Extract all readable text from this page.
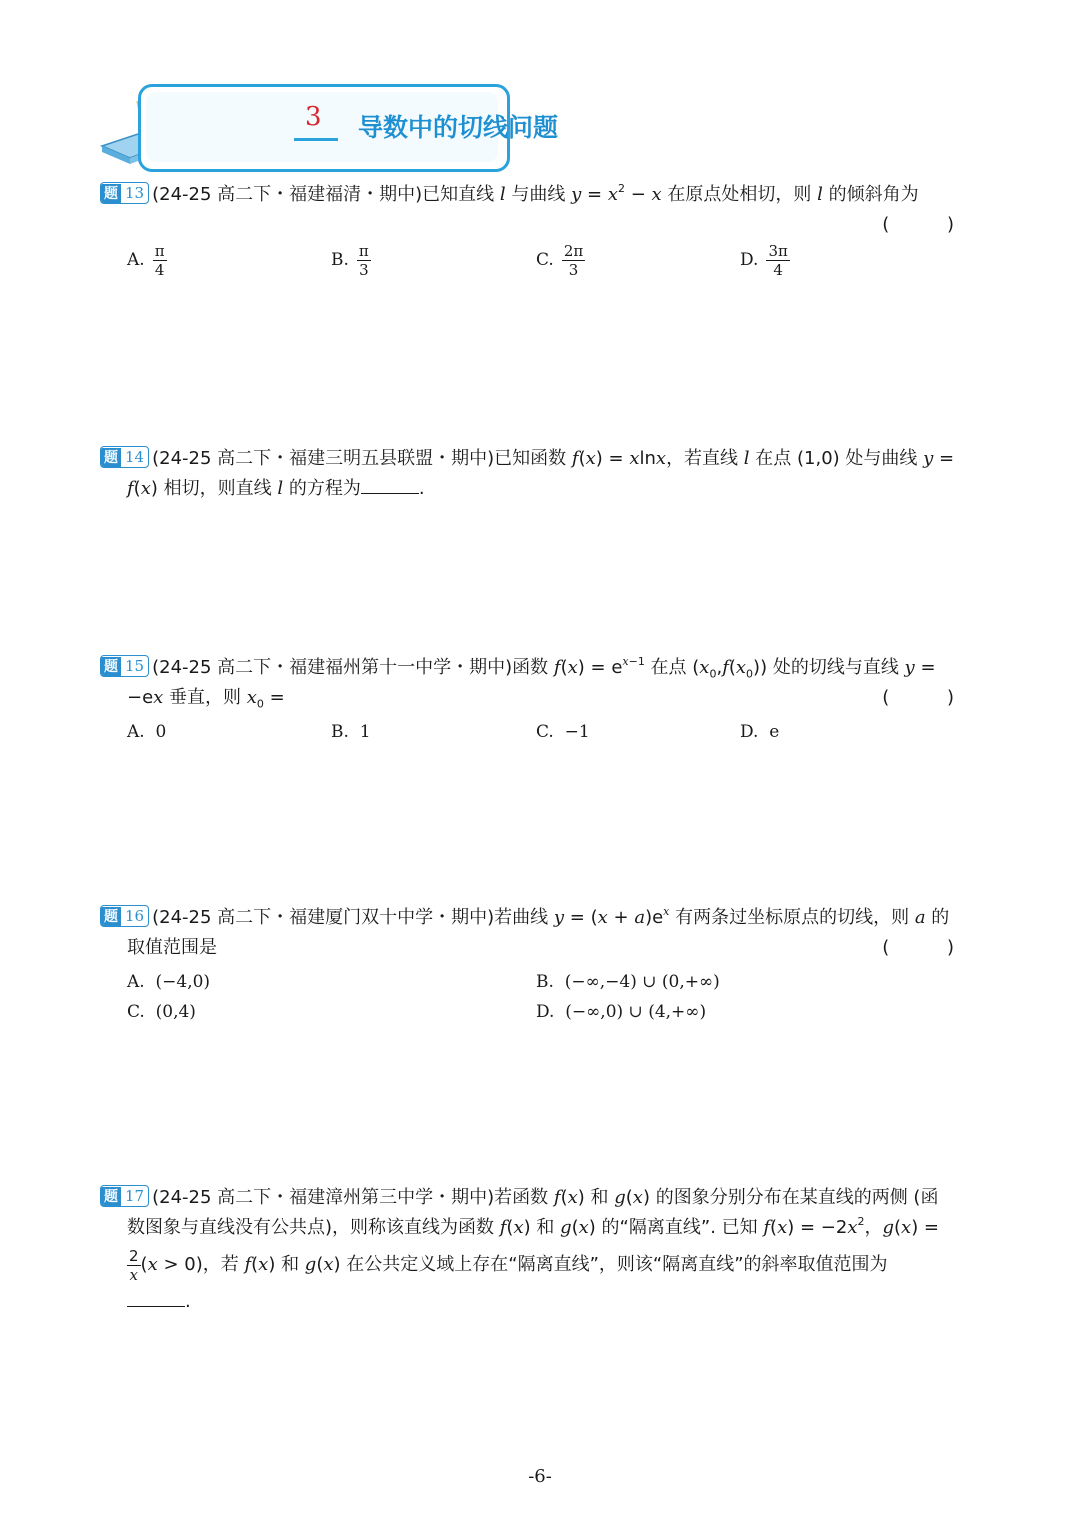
3 导数中的切线问题
题 13 (24-25 高二下・福建福清・期中)已知直线 l 与曲线 $y = x^2 - x$ 在原点处相切，则 l 的倾斜角为
( )
A. $\frac{\pi}{4}$	B. $\frac{\pi}{3}$	C. $\frac{2\pi}{3}$	D. $\frac{3\pi}{4}$
题 14 (24-25 高二下・福建三明五县联盟・期中)已知函数 f(x) = xlnx，若直线 l 在点 (1,0) 处与曲线 y =
f(x) 相切，则直线 l 的方程为	.
题 15 (24-25 高二下・福建福州第十一中学・期中)函数 $f(x) = e^{x-1}$ 在点 $(x_0,f(x_0))$ 处的切线与直线 y =
−ex 垂直，则 $x_0$ =	( )
A. 0	B. 1	C. −1	D. e
题 16 (24-25 高二下・福建厦门双十中学・期中)若曲线 $y = (x + a)e^x$ 有两条过坐标原点的切线，则 a 的
取值范围是	( )
A. (−4,0)	B. (−∞,−4) ∪ (0,+∞)
C. (0,4)	D. (−∞,0) ∪ (4,+∞)
题 17 (24-25 高二下・福建漳州第三中学・期中)若函数 f(x) 和 g(x) 的图象分别分布在某直线的两侧 (函
数图象与直线没有公共点)，则称该直线为函数 f(x) 和 g(x) 的“隔离直线”. 已知 $f(x) = -2x^2$，g(x) =
$\frac{2}{x} (x > 0)$，若 f(x) 和 g(x) 在公共定义域上存在“隔离直线”，则该“隔离直线”的斜率取值范围为
.
-6-
